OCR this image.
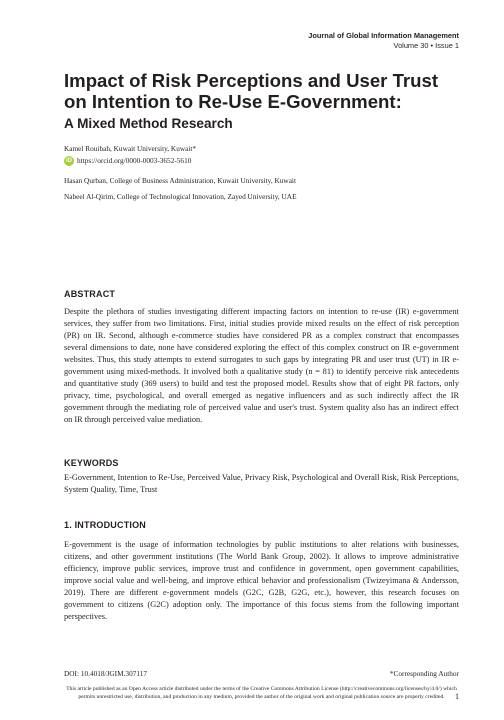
Journal of Global Information Management
Volume 30 • Issue 1
Impact of Risk Perceptions and User Trust on Intention to Re-Use E-Government:
A Mixed Method Research
Kamel Rouibah, Kuwait University, Kuwait*
iD https://orcid.org/0000-0003-3652-5610
Hasan Qurban, College of Business Administration, Kuwait University, Kuwait
Nabeel Al-Qirim, College of Technological Innovation, Zayed University, UAE
ABSTRACT
Despite the plethora of studies investigating different impacting factors on intention to re-use (IR) e-government services, they suffer from two limitations. First, initial studies provide mixed results on the effect of risk perception (PR) on IR. Second, although e-commerce studies have considered PR as a complex construct that encompasses several dimensions to date, none have considered exploring the effect of this complex construct on IR e-government websites. Thus, this study attempts to extend surrogates to such gaps by integrating PR and user trust (UT) in IR e-government using mixed-methods. It involved both a qualitative study (n = 81) to identify perceive risk antecedents and quantitative study (369 users) to build and test the proposed model. Results show that of eight PR factors, only privacy, time, psychological, and overall emerged as negative influencers and as such indirectly affect the IR government through the mediating role of perceived value and user's trust. System quality also has an indirect effect on IR through perceived value mediation.
KEYWORDS
E-Government, Intention to Re-Use, Perceived Value, Privacy Risk, Psychological and Overall Risk, Risk Perceptions, System Quality, Time, Trust
1. INTRODUCTION
E-government is the usage of information technologies by public institutions to alter relations with businesses, citizens, and other government institutions (The World Bank Group, 2002). It allows to improve administrative efficiency, improve public services, improve trust and confidence in government, open government capabilities, improve social value and well-being, and improve ethical behavior and professionalism (Twizeyimana & Andersson, 2019). There are different e-government models (G2C, G2B, G2G, etc.), however, this research focuses on government to citizens (G2C) adoption only. The importance of this focus stems from the following important perspectives.
DOI: 10.4018/JGIM.307117	*Corresponding Author
This article published as an Open Access article distributed under the terms of the Creative Commons Attribution License (http://creativecommons.org/licenses/by/4.0/) which permits unrestricted use, distribution, and production in any medium, provided the author of the original work and original publication source are properly credited.	1
